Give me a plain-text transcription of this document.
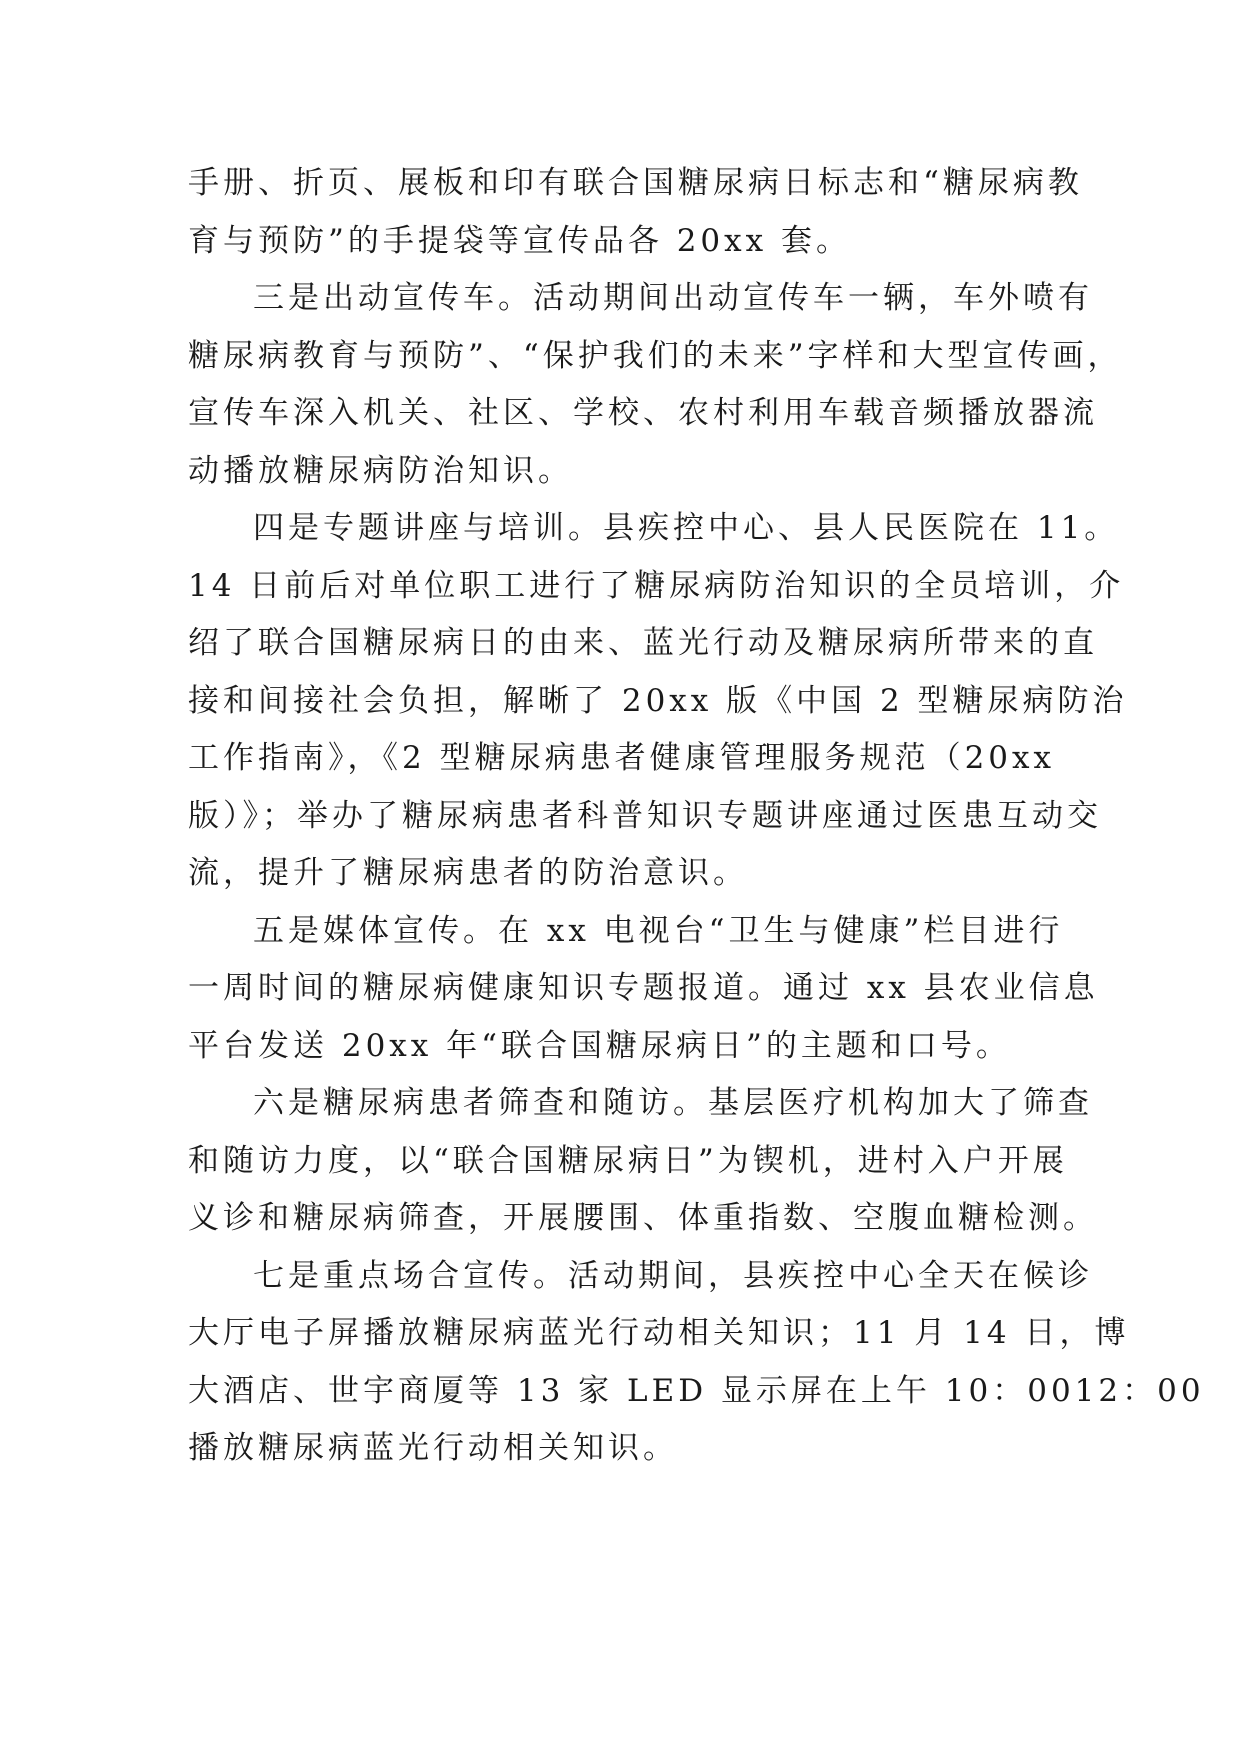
手册、折页、展板和印有联合国糖尿病日标志和“糖尿病教
育与预防”的手提袋等宣传品各 20xx 套。
三是出动宣传车。活动期间出动宣传车一辆，车外喷有
糖尿病教育与预防”、“保护我们的未来”字样和大型宣传画，
宣传车深入机关、社区、学校、农村利用车载音频播放器流
动播放糖尿病防治知识。
四是专题讲座与培训。县疾控中心、县人民医院在 11。
14 日前后对单位职工进行了糖尿病防治知识的全员培训，介
绍了联合国糖尿病日的由来、蓝光行动及糖尿病所带来的直
接和间接社会负担，解晰了 20xx 版《中国 2 型糖尿病防治
工作指南》，《2 型糖尿病患者健康管理服务规范（20xx
版）》；举办了糖尿病患者科普知识专题讲座通过医患互动交
流，提升了糖尿病患者的防治意识。
五是媒体宣传。在 xx 电视台“卫生与健康”栏目进行
一周时间的糖尿病健康知识专题报道。通过 xx 县农业信息
平台发送 20xx 年“联合国糖尿病日”的主题和口号。
六是糖尿病患者筛查和随访。基层医疗机构加大了筛查
和随访力度，以“联合国糖尿病日”为锲机，进村入户开展
义诊和糖尿病筛查，开展腰围、体重指数、空腹血糖检测。
七是重点场合宣传。活动期间，县疾控中心全天在候诊
大厅电子屏播放糖尿病蓝光行动相关知识；11 月 14 日，博
大酒店、世宇商厦等 13 家 LED 显示屏在上午 10：0012：00
播放糖尿病蓝光行动相关知识。
